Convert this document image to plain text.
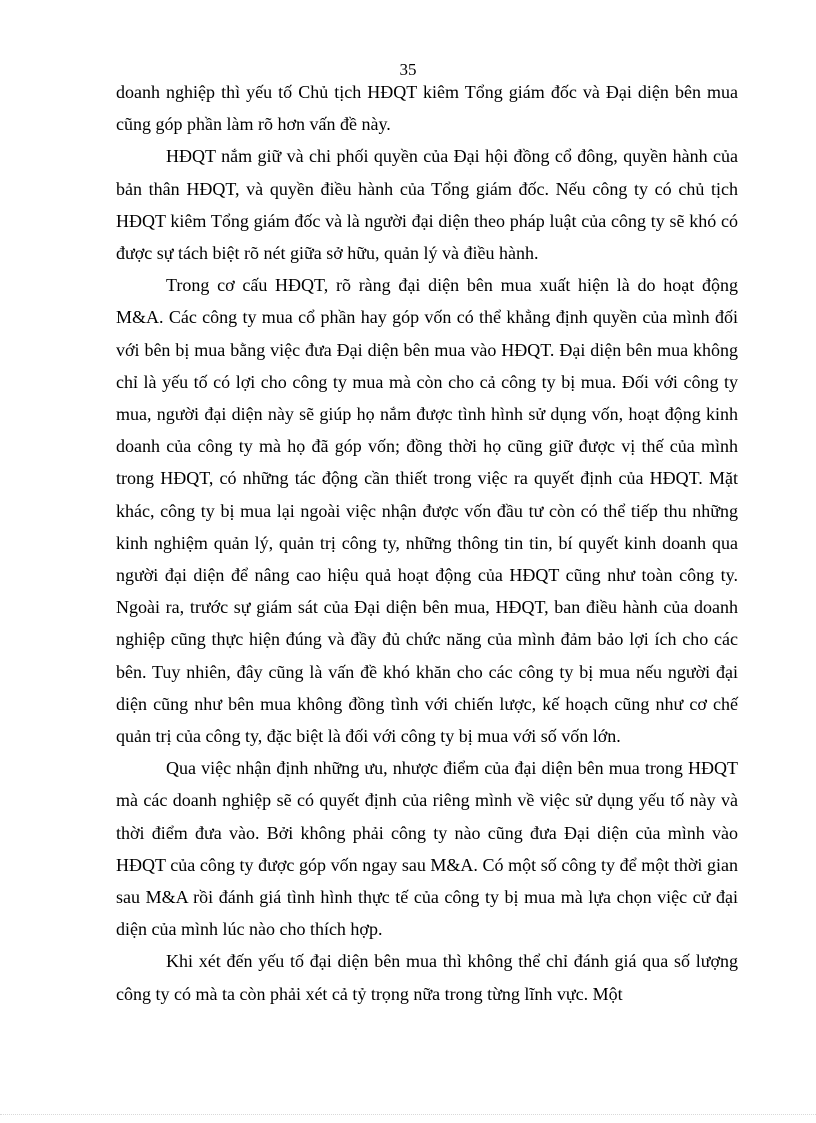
35

doanh nghiệp thì yếu tố Chủ tịch HĐQT kiêm Tổng giám đốc và Đại diện bên mua cũng góp phần làm rõ hơn vấn đề này.

HĐQT nắm giữ và chi phối quyền của Đại hội đồng cổ đông, quyền hành của bản thân HĐQT, và quyền điều hành của Tổng giám đốc. Nếu công ty có chủ tịch HĐQT kiêm Tổng giám đốc và là người đại diện theo pháp luật của công ty sẽ khó có được sự tách biệt rõ nét giữa sở hữu, quản lý và điều hành.

Trong cơ cấu HĐQT, rõ ràng đại diện bên mua xuất hiện là do hoạt động M&A. Các công ty mua cổ phần hay góp vốn có thể khẳng định quyền của mình đối với bên bị mua bằng việc đưa Đại diện bên mua vào HĐQT. Đại diện bên mua không chỉ là yếu tố có lợi cho công ty mua mà còn cho cả công ty bị mua. Đối với công ty mua, người đại diện này sẽ giúp họ nắm được tình hình sử dụng vốn, hoạt động kinh doanh của công ty mà họ đã góp vốn; đồng thời họ cũng giữ được vị thế của mình trong HĐQT, có những tác động cần thiết trong việc ra quyết định của HĐQT. Mặt khác, công ty bị mua lại ngoài việc nhận được vốn đầu tư còn có thể tiếp thu những kinh nghiệm quản lý, quản trị công ty, những thông tin tin, bí quyết kinh doanh qua người đại diện để nâng cao hiệu quả hoạt động của HĐQT cũng như toàn công ty. Ngoài ra, trước sự giám sát của Đại diện bên mua, HĐQT, ban điều hành của doanh nghiệp cũng thực hiện đúng và đầy đủ chức năng của mình đảm bảo lợi ích cho các bên. Tuy nhiên, đây cũng là vấn đề khó khăn cho các công ty bị mua nếu người đại diện cũng như bên mua không đồng tình với chiến lược, kế hoạch cũng như cơ chế quản trị của công ty, đặc biệt là đối với công ty bị mua với số vốn lớn.

Qua việc nhận định những ưu, nhược điểm của đại diện bên mua trong HĐQT mà các doanh nghiệp sẽ có quyết định của riêng mình về việc sử dụng yếu tố này và thời điểm đưa vào. Bởi không phải công ty nào cũng đưa Đại diện của mình vào HĐQT của công ty được góp vốn ngay sau M&A. Có một số công ty để một thời gian sau M&A rồi đánh giá tình hình thực tế của công ty bị mua mà lựa chọn việc cử đại diện của mình lúc nào cho thích hợp.

Khi xét đến yếu tố đại diện bên mua thì không thể chỉ đánh giá qua số lượng công ty có mà ta còn phải xét cả tỷ trọng nữa trong từng lĩnh vực. Một
